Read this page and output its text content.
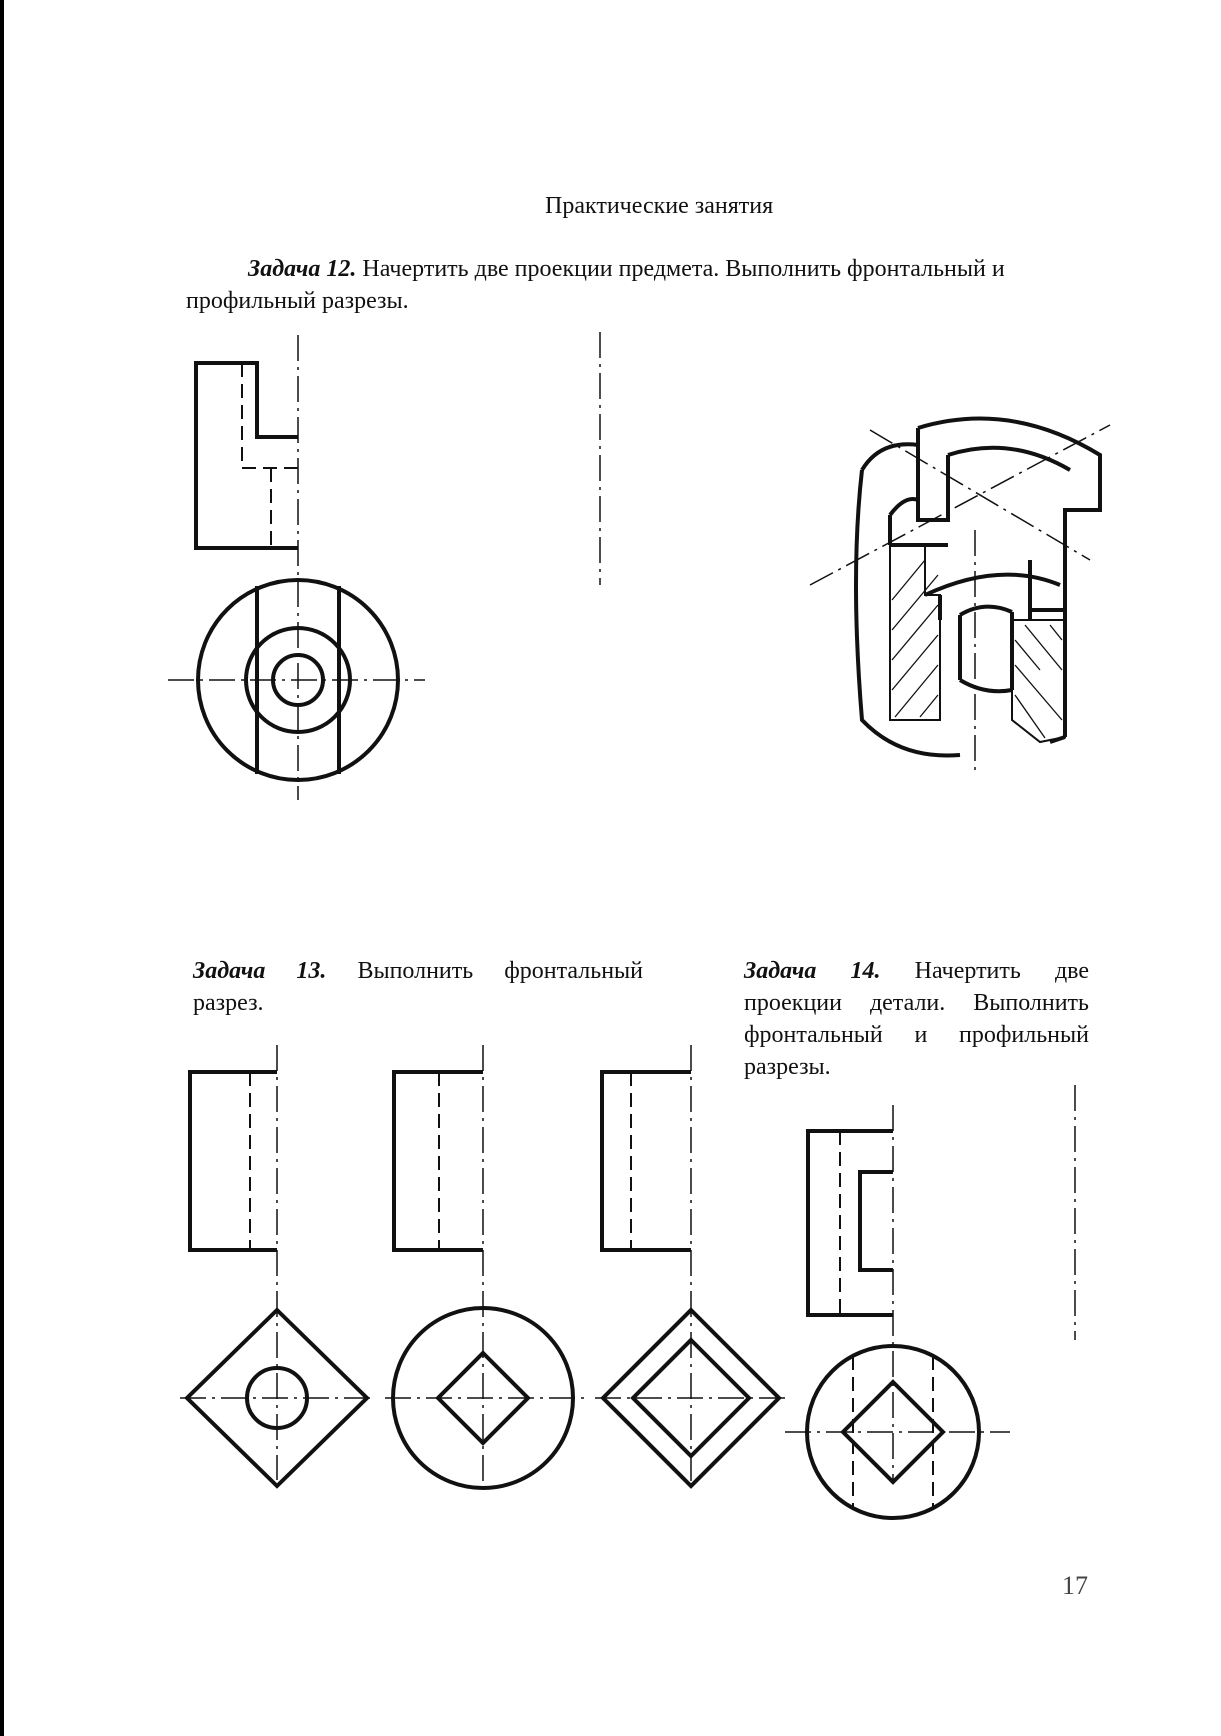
Практические занятия
Задача 12. Начертить две проекции предмета. Выполнить фронтальный и профильный разрезы.
Задача 13. Выполнить фронтальный разрез.
Задача 14. Начертить две проекции детали. Выполнить фронтальный и профильный разрезы.
17
